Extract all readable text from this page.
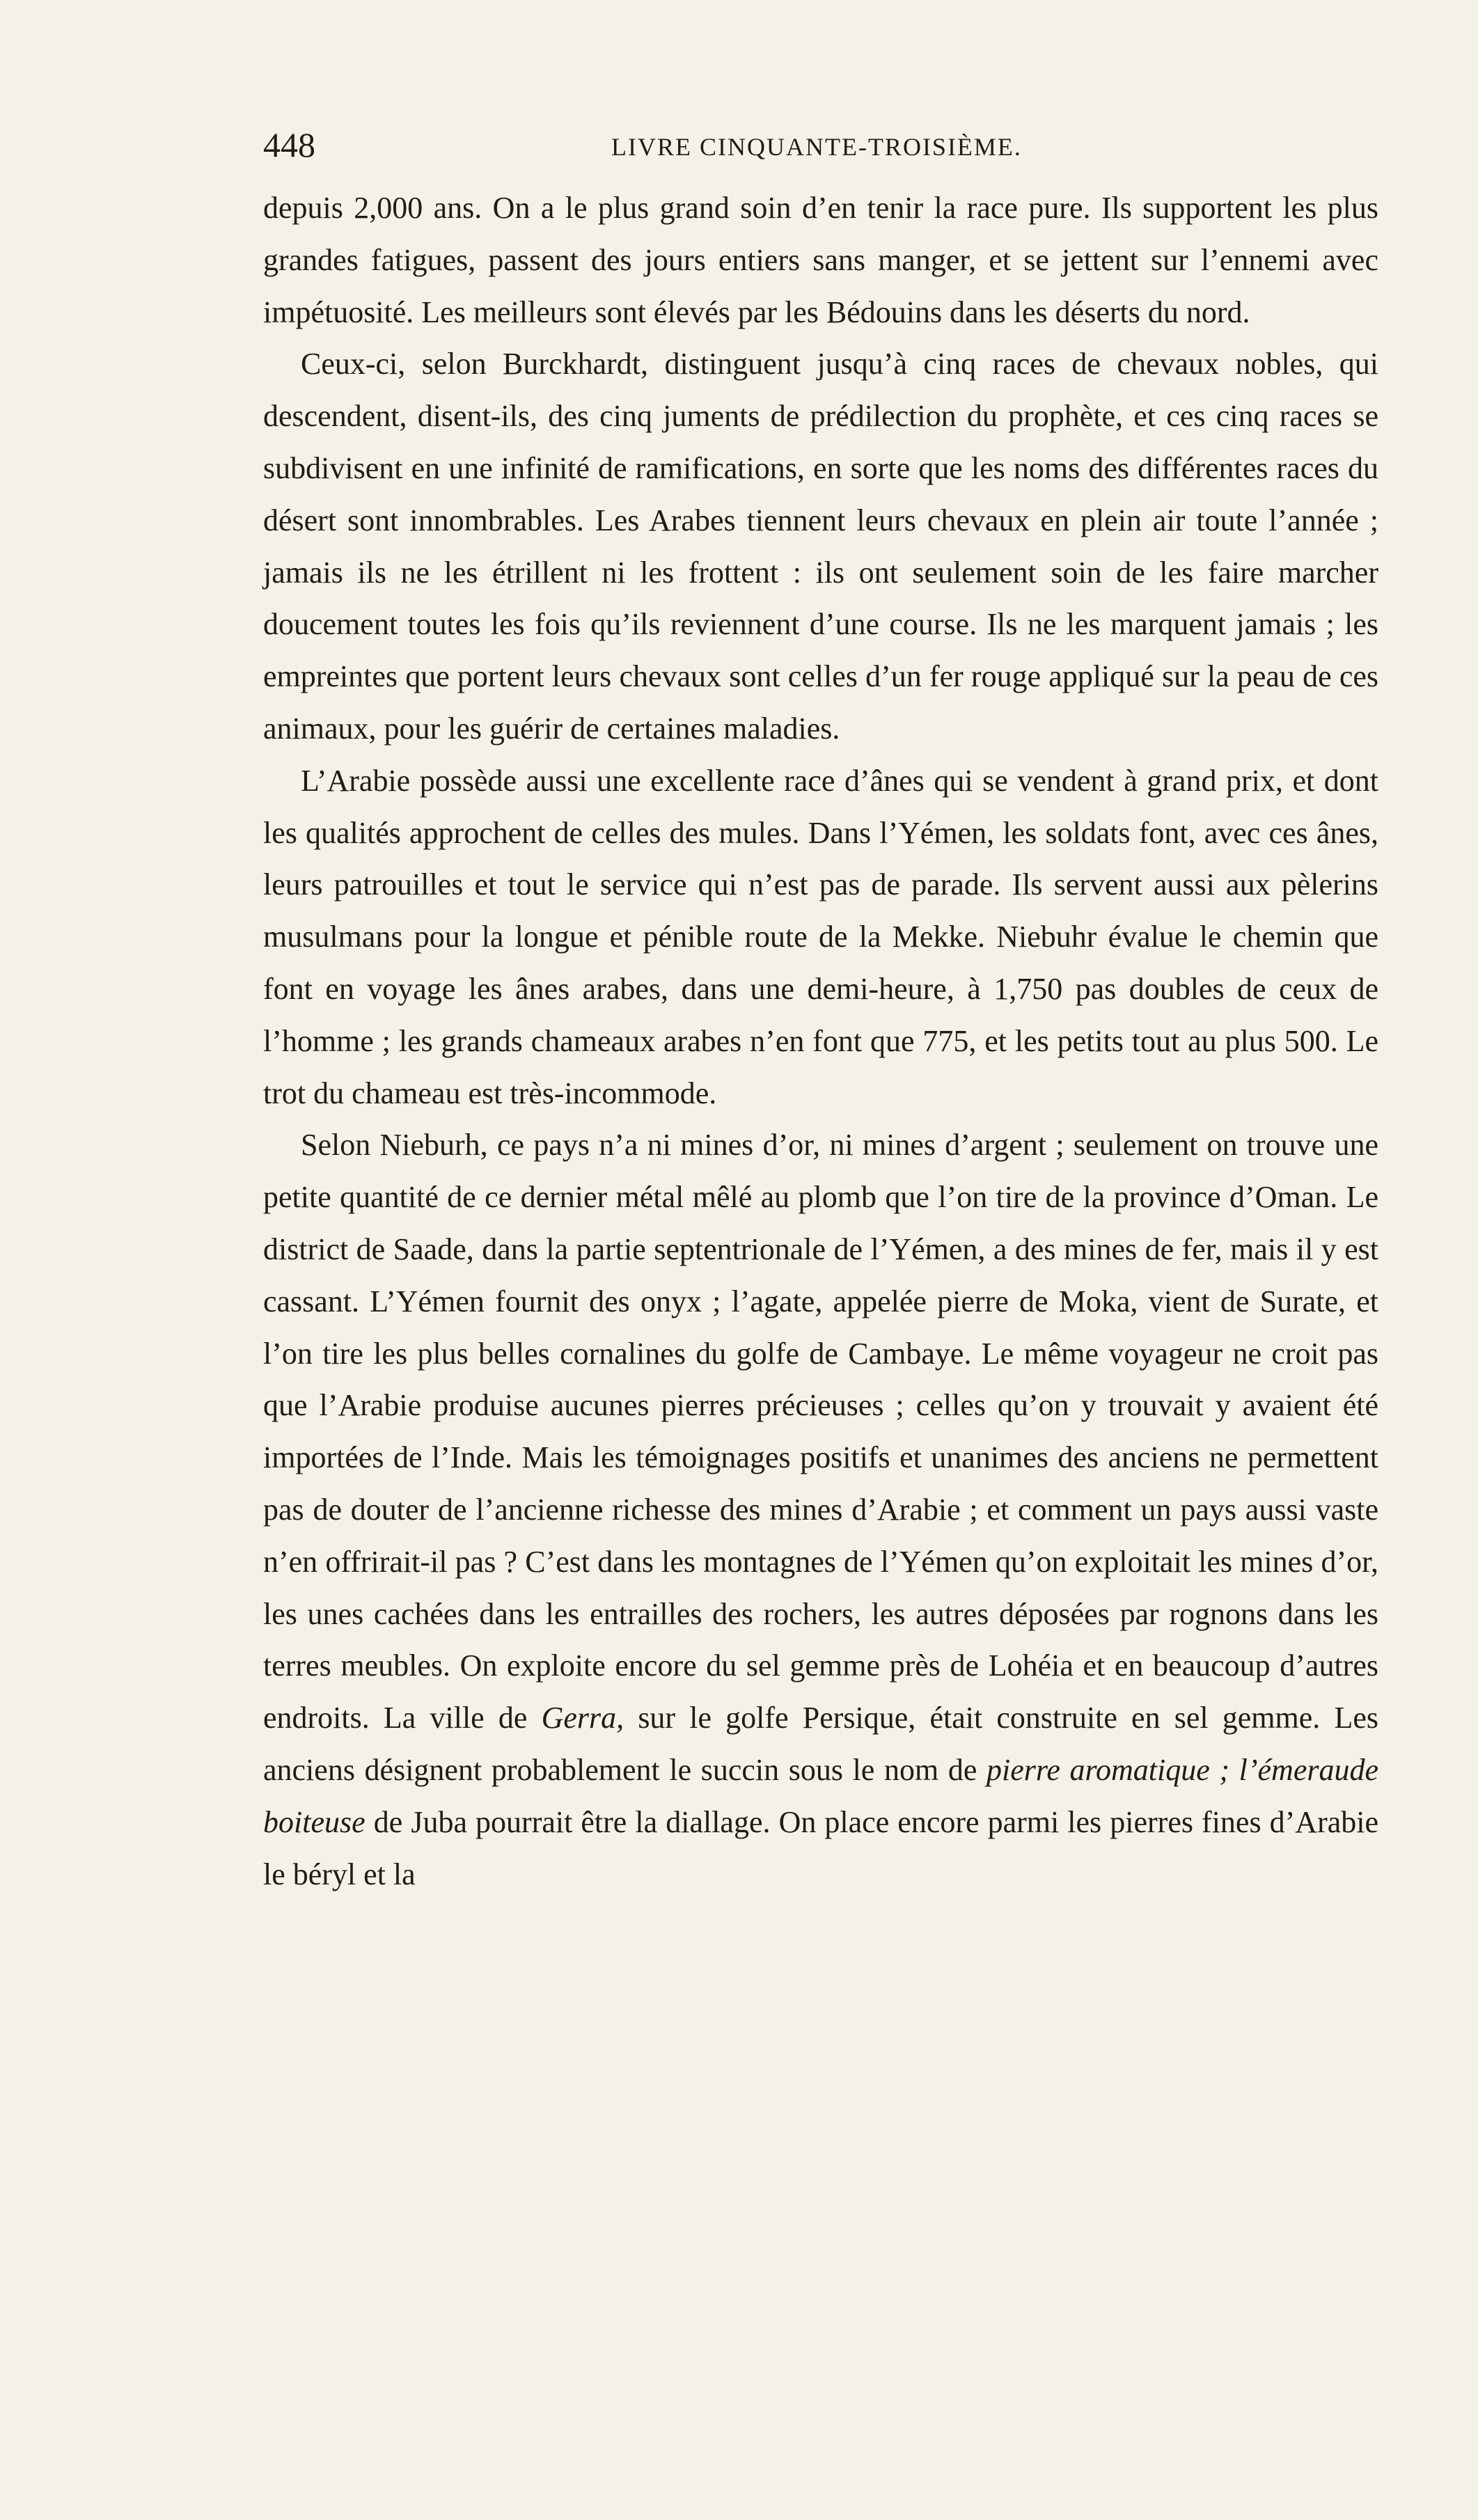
448	LIVRE CINQUANTE-TROISIÈME.

depuis 2,000 ans. On a le plus grand soin d’en tenir la race pure. Ils supportent les plus grandes fatigues, passent des jours entiers sans manger, et se jettent sur l’ennemi avec impétuosité. Les meilleurs sont élevés par les Bédouins dans les déserts du nord.

Ceux-ci, selon Burckhardt, distinguent jusqu’à cinq races de chevaux nobles, qui descendent, disent-ils, des cinq juments de prédilection du prophète, et ces cinq races se subdivisent en une infinité de ramifications, en sorte que les noms des différentes races du désert sont innombrables. Les Arabes tiennent leurs chevaux en plein air toute l’année ; jamais ils ne les étrillent ni les frottent : ils ont seulement soin de les faire marcher doucement toutes les fois qu’ils reviennent d’une course. Ils ne les marquent jamais ; les empreintes que portent leurs chevaux sont celles d’un fer rouge appliqué sur la peau de ces animaux, pour les guérir de certaines maladies.

L’Arabie possède aussi une excellente race d’ânes qui se vendent à grand prix, et dont les qualités approchent de celles des mules. Dans l’Yémen, les soldats font, avec ces ânes, leurs patrouilles et tout le service qui n’est pas de parade. Ils servent aussi aux pèlerins musulmans pour la longue et pénible route de la Mekke. Niebuhr évalue le chemin que font en voyage les ânes arabes, dans une demi-heure, à 1,750 pas doubles de ceux de l’homme ; les grands chameaux arabes n’en font que 775, et les petits tout au plus 500. Le trot du chameau est très-incommode.

Selon Nieburh, ce pays n’a ni mines d’or, ni mines d’argent ; seulement on trouve une petite quantité de ce dernier métal mêlé au plomb que l’on tire de la province d’Oman. Le district de Saade, dans la partie septentrionale de l’Yémen, a des mines de fer, mais il y est cassant. L’Yémen fournit des onyx ; l’agate, appelée pierre de Moka, vient de Surate, et l’on tire les plus belles cornalines du golfe de Cambaye. Le même voyageur ne croit pas que l’Arabie produise aucunes pierres précieuses ; celles qu’on y trouvait y avaient été importées de l’Inde. Mais les témoignages positifs et unanimes des anciens ne permettent pas de douter de l’ancienne richesse des mines d’Arabie ; et comment un pays aussi vaste n’en offrirait-il pas ? C’est dans les montagnes de l’Yémen qu’on exploitait les mines d’or, les unes cachées dans les entrailles des rochers, les autres déposées par rognons dans les terres meubles. On exploite encore du sel gemme près de Lohéia et en beaucoup d’autres endroits. La ville de Gerra, sur le golfe Persique, était construite en sel gemme. Les anciens désignent probablement le succin sous le nom de pierre aromatique ; l’émeraude boiteuse de Juba pourrait être la diallage. On place encore parmi les pierres fines d’Arabie le béryl et la
